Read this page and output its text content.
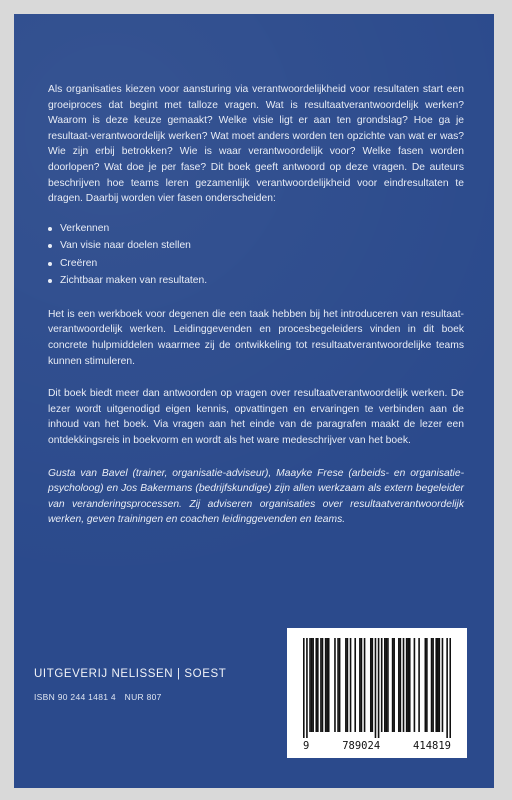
Als organisaties kiezen voor aansturing via verantwoordelijkheid voor resultaten start een groeiproces dat begint met talloze vragen. Wat is resultaatverantwoordelijk werken? Waarom is deze keuze gemaakt? Welke visie ligt er aan ten grondslag? Hoe ga je resultaat-verantwoordelijk werken? Wat moet anders worden ten opzichte van wat er was? Wie zijn erbij betrokken? Wie is waar verantwoordelijk voor? Welke fasen worden doorlopen? Wat doe je per fase? Dit boek geeft antwoord op deze vragen. De auteurs beschrijven hoe teams leren gezamenlijk verantwoordelijkheid voor eindresultaten te dragen. Daarbij worden vier fasen onderscheiden:

Verkennen
Van visie naar doelen stellen
Creëren
Zichtbaar maken van resultaten.

Het is een werkboek voor degenen die een taak hebben bij het introduceren van resultaat-verantwoordelijk werken. Leidinggevenden en procesbegeleiders vinden in dit boek concrete hulpmiddelen waarmee zij de ontwikkeling tot resultaatverantwoordelijke teams kunnen stimuleren.

Dit boek biedt meer dan antwoorden op vragen over resultaatverantwoordelijk werken. De lezer wordt uitgenodigd eigen kennis, opvattingen en ervaringen te verbinden aan de inhoud van het boek. Via vragen aan het einde van de paragrafen maakt de lezer een ontdekkingsreis in boekvorm en wordt als het ware medeschrijver van het boek.

Gusta van Bavel (trainer, organisatie-adviseur), Maayke Frese (arbeids- en organisatie-psycholoog) en Jos Bakermans (bedrijfskundige) zijn allen werkzaam als extern begeleider van veranderingsprocessen. Zij adviseren organisaties over resultaatverantwoordelijk werken, geven trainingen en coachen leidinggevenden en teams.

UITGEVERIJ NELISSEN | SOEST
ISBN 90 244 1481 4 NUR 807
9	789024	414819
